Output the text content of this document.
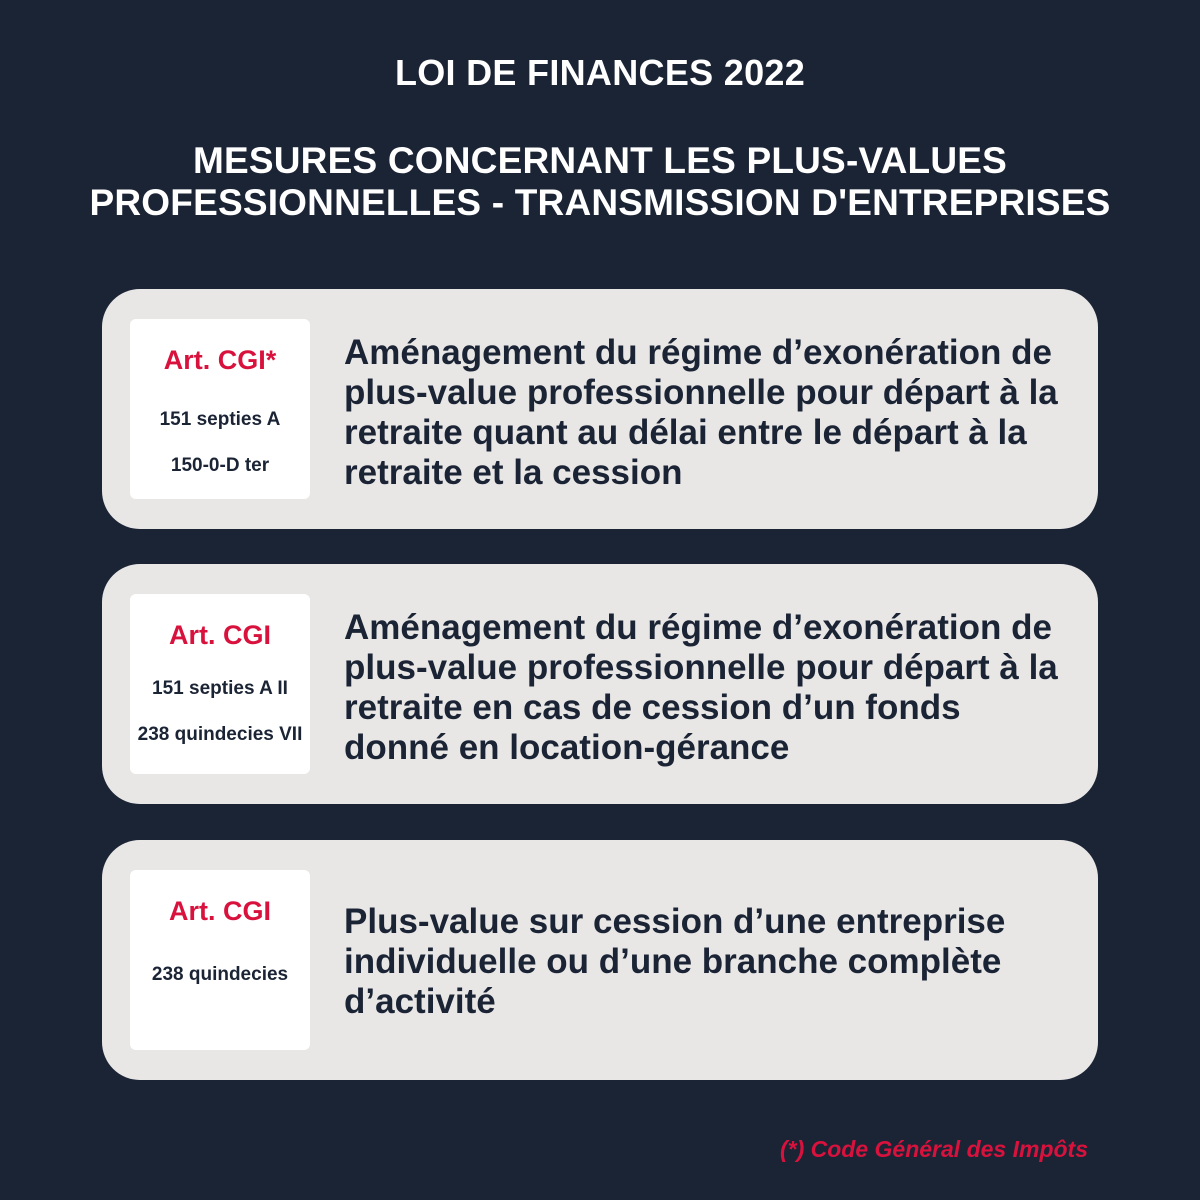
LOI DE FINANCES 2022
MESURES CONCERNANT LES PLUS-VALUES
PROFESSIONNELLES - TRANSMISSION D'ENTREPRISES
Art. CGI*
151 septies A
150-0-D ter
Aménagement du régime d’exonération de plus-value professionnelle pour départ à la retraite quant au délai entre le départ à la retraite et la cession
Art. CGI
151 septies A II
238 quindecies VII
Aménagement du régime d’exonération de plus-value professionnelle pour départ à la retraite en cas de cession d’un fonds donné en location-gérance
Art. CGI
238 quindecies
Plus-value sur cession d’une entreprise individuelle ou d’une branche complète d’activité
(*) Code Général des Impôts
